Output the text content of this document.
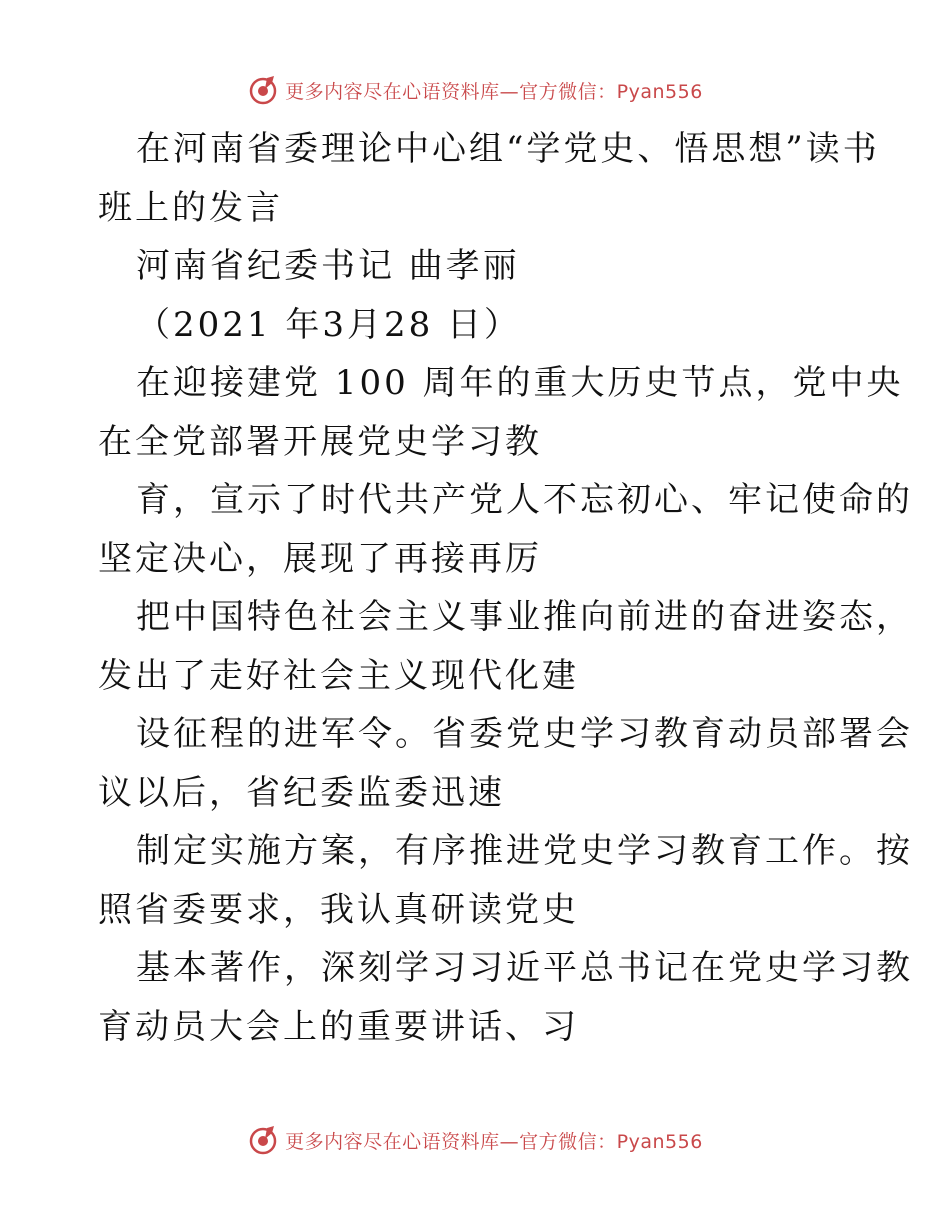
更多内容尽在心语资料库—官方微信：Pyan556
在河南省委理论中心组“学党史、悟思想”读书
班上的发言
河南省纪委书记 曲孝丽
（2021 年3月28 日）
在迎接建党 100 周年的重大历史节点，党中央
在全党部署开展党史学习教
育，宣示了时代共产党人不忘初心、牢记使命的
坚定决心，展现了再接再厉
把中国特色社会主义事业推向前进的奋进姿态，
发出了走好社会主义现代化建
设征程的进军令。省委党史学习教育动员部署会
议以后，省纪委监委迅速
制定实施方案，有序推进党史学习教育工作。按
照省委要求，我认真研读党史
基本著作，深刻学习习近平总书记在党史学习教
育动员大会上的重要讲话、习
更多内容尽在心语资料库—官方微信：Pyan556
